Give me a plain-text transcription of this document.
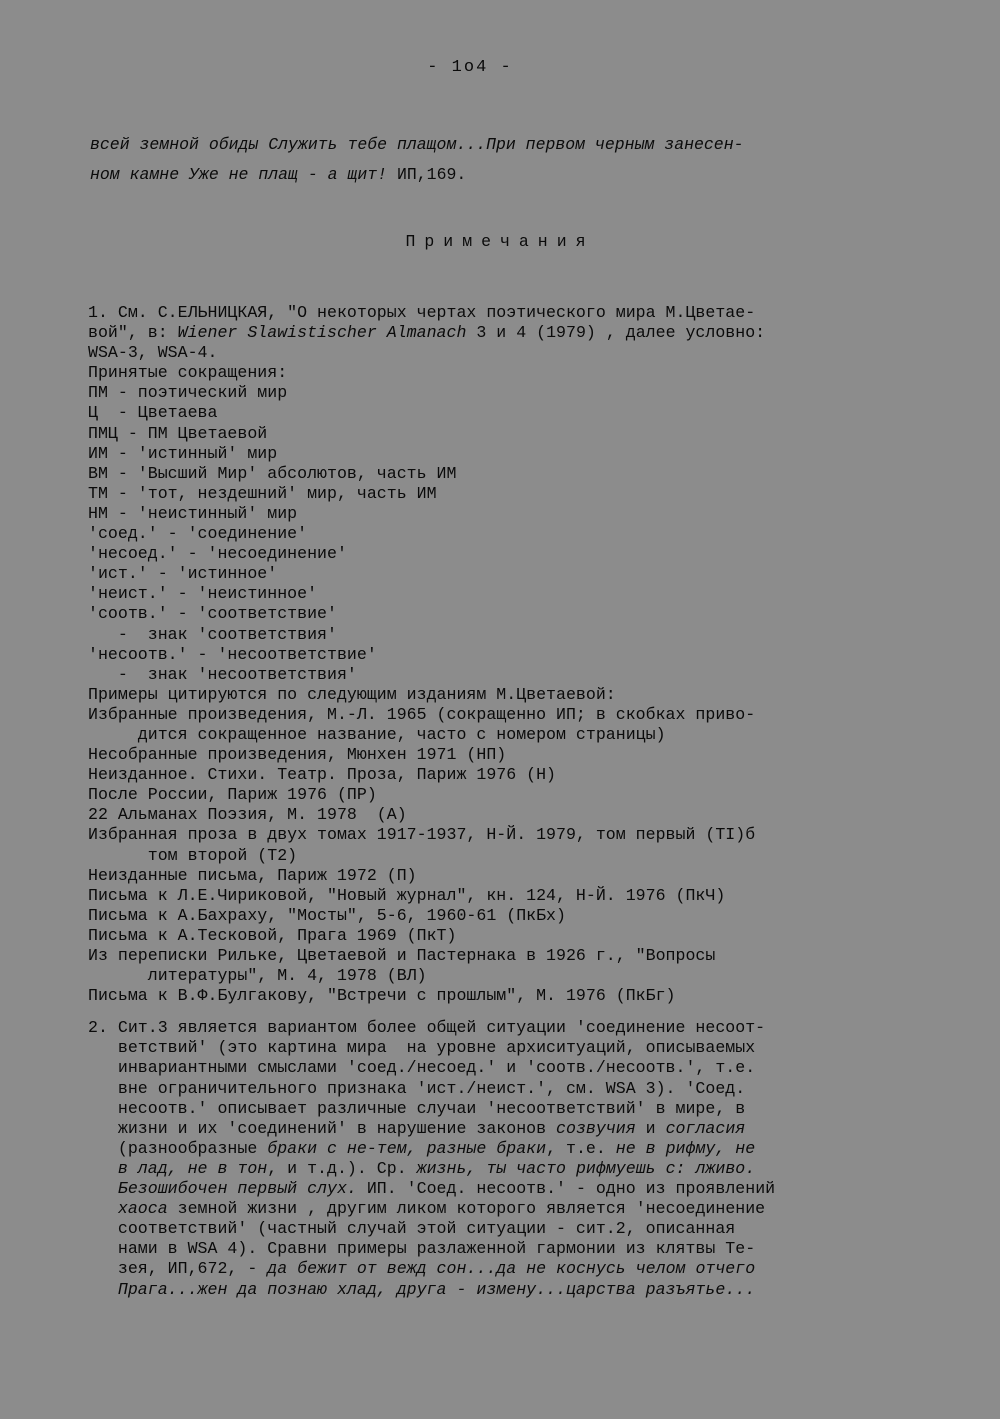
- 1о4 -
всей земной обиды Служить тебе плащом...При первом черным занесен-
ном камне Уже не плащ - а щит! ИП,169.
Примечания
1. См. С.ЕЛЬНИЦКАЯ, "О некоторых чертах поэтического мира М.Цветае-
вой", в: Wiener Slawistischer Almanach 3 и 4 (1979) , далее условно:
WSA-3, WSA-4.
Принятые сокращения:
ПМ - поэтический мир
Ц  - Цветаева
ПМЦ - ПМ Цветаевой
ИМ - 'истинный' мир
ВМ - 'Высший Мир' абсолютов, часть ИМ
ТМ - 'тот, нездешний' мир, часть ИМ
НМ - 'неистинный' мир
'соед.' - 'соединение'
'несоед.' - 'несоединение'
'ист.' - 'истинное'
'неист.' - 'неистинное'
'соотв.' - 'соответствие'
-  знак 'соответствия'
'несоотв.' - 'несоответствие'
-  знак 'несоответствия'
Примеры цитируются по следующим изданиям М.Цветаевой:
Избранные произведения, М.-Л. 1965 (сокращенно ИП; в скобках приво-
дится сокращенное название, часто с номером страницы)
Несобранные произведения, Мюнхен 1971 (НП)
Неизданное. Стихи. Театр. Проза, Париж 1976 (Н)
После России, Париж 1976 (ПР)
22 Альманах Поэзия, М. 1978  (А)
Избранная проза в двух томах 1917-1937, Н-Й. 1979, том первый (ТI)б
том второй (Т2)
Неизданные письма, Париж 1972 (П)
Письма к Л.Е.Чириковой, "Новый журнал", кн. 124, Н-Й. 1976 (ПкЧ)
Письма к А.Бахраху, "Мосты", 5-6, 1960-61 (ПкБх)
Письма к А.Тесковой, Прага 1969 (ПкТ)
Из переписки Рильке, Цветаевой и Пастернака в 1926 г., "Вопросы
литературы", М. 4, 1978 (ВЛ)
Письма к В.Ф.Булгакову, "Встречи с прошлым", М. 1976 (ПкБг)
2. Сит.3 является вариантом более общей ситуации 'соединение несоот-
ветствий' (это картина мира  на уровне архиситуаций, описываемых
инвариантными смыслами 'соед./несоед.' и 'соотв./несоотв.', т.е.
вне ограничительного признака 'ист./неист.', см. WSA 3). 'Соед.
несоотв.' описывает различные случаи 'несоответствий' в мире, в
жизни и их 'соединений' в нарушение законов созвучия и согласия
(разнообразные браки с не-тем, разные браки, т.е. не в рифму, не
в лад, не в тон, и т.д.). Ср. жизнь, ты часто рифмуешь с: лживо.
Безошибочен первый слух. ИП. 'Соед. несоотв.' - одно из проявлений
хаоса земной жизни , другим ликом которого является 'несоединение
соответствий' (частный случай этой ситуации - сит.2, описанная
нами в WSA 4). Сравни примеры разлаженной гармонии из клятвы Те-
зея, ИП,672, - да бежит от вежд сон...да не коснусь челом отчего
Прага...жен да познаю хлад, друга - измену...царства разъятье...
